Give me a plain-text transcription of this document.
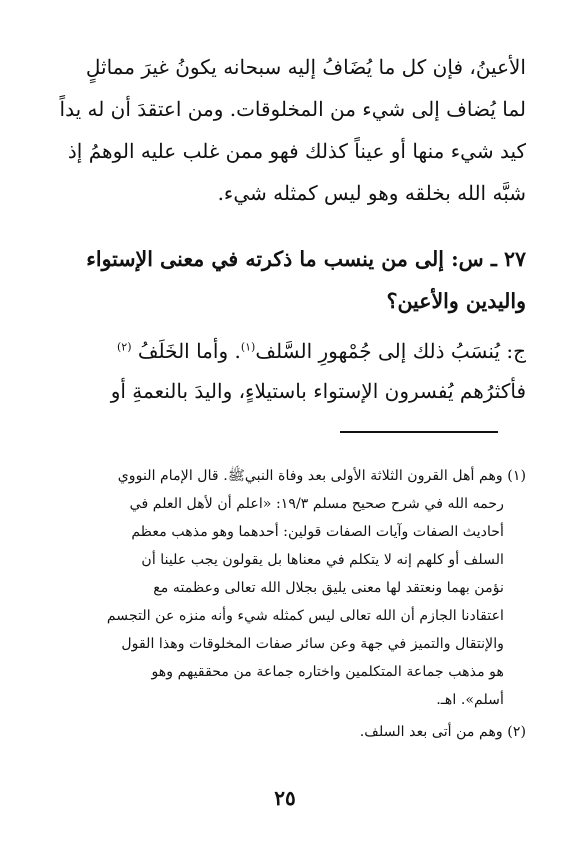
الأعينُ، فإن كل ما يُضَافُ إليه سبحانه يكونُ غيرَ مماثلٍ
لما يُضاف إلى شيء من المخلوقات. ومن اعتقدَ أن له يداً
كيد شيء منها أو عيناً كذلك فهو ممن غلب عليه الوهمُ إذ
شبَّه الله بخلقه وهو ليس كمثله شيء.
٢٧ ـ س: إلى من ينسب ما ذكرته في معنى الإستواء
واليدين والأعين؟
ج: يُنسَبُ ذلك إلى جُمْهورِ السَّلف$^{(١)}$. وأما الخَلَفُ $^{(٢)}$
فأكثرُهم يُفسرون الإستواء باستيلاءٍ، واليدَ بالنعمةِ أو
(١) وهم أهل القرون الثلاثة الأولى بعد وفاة النبيﷺ. قال الإمام النووي
رحمه الله في شرح صحيح مسلم ١٩/٣: «اعلم أن لأهل العلم في
أحاديث الصفات وآيات الصفات قولين: أحدهما وهو مذهب معظم
السلف أو كلهم إنه لا يتكلم في معناها بل يقولون يجب علينا أن
نؤمن بهما ونعتقد لها معنى يليق بجلال الله تعالى وعظمته مع
اعتقادنا الجازم أن الله تعالى ليس كمثله شيء وأنه منزه عن التجسم
والإنتقال والتميز في جهة وعن سائر صفات المخلوقات وهذا القول
هو مذهب جماعة المتكلمين واختاره جماعة من محققيهم وهو
أسلم». اهـ.
(٢) وهم من أتى بعد السلف.
٢٥
